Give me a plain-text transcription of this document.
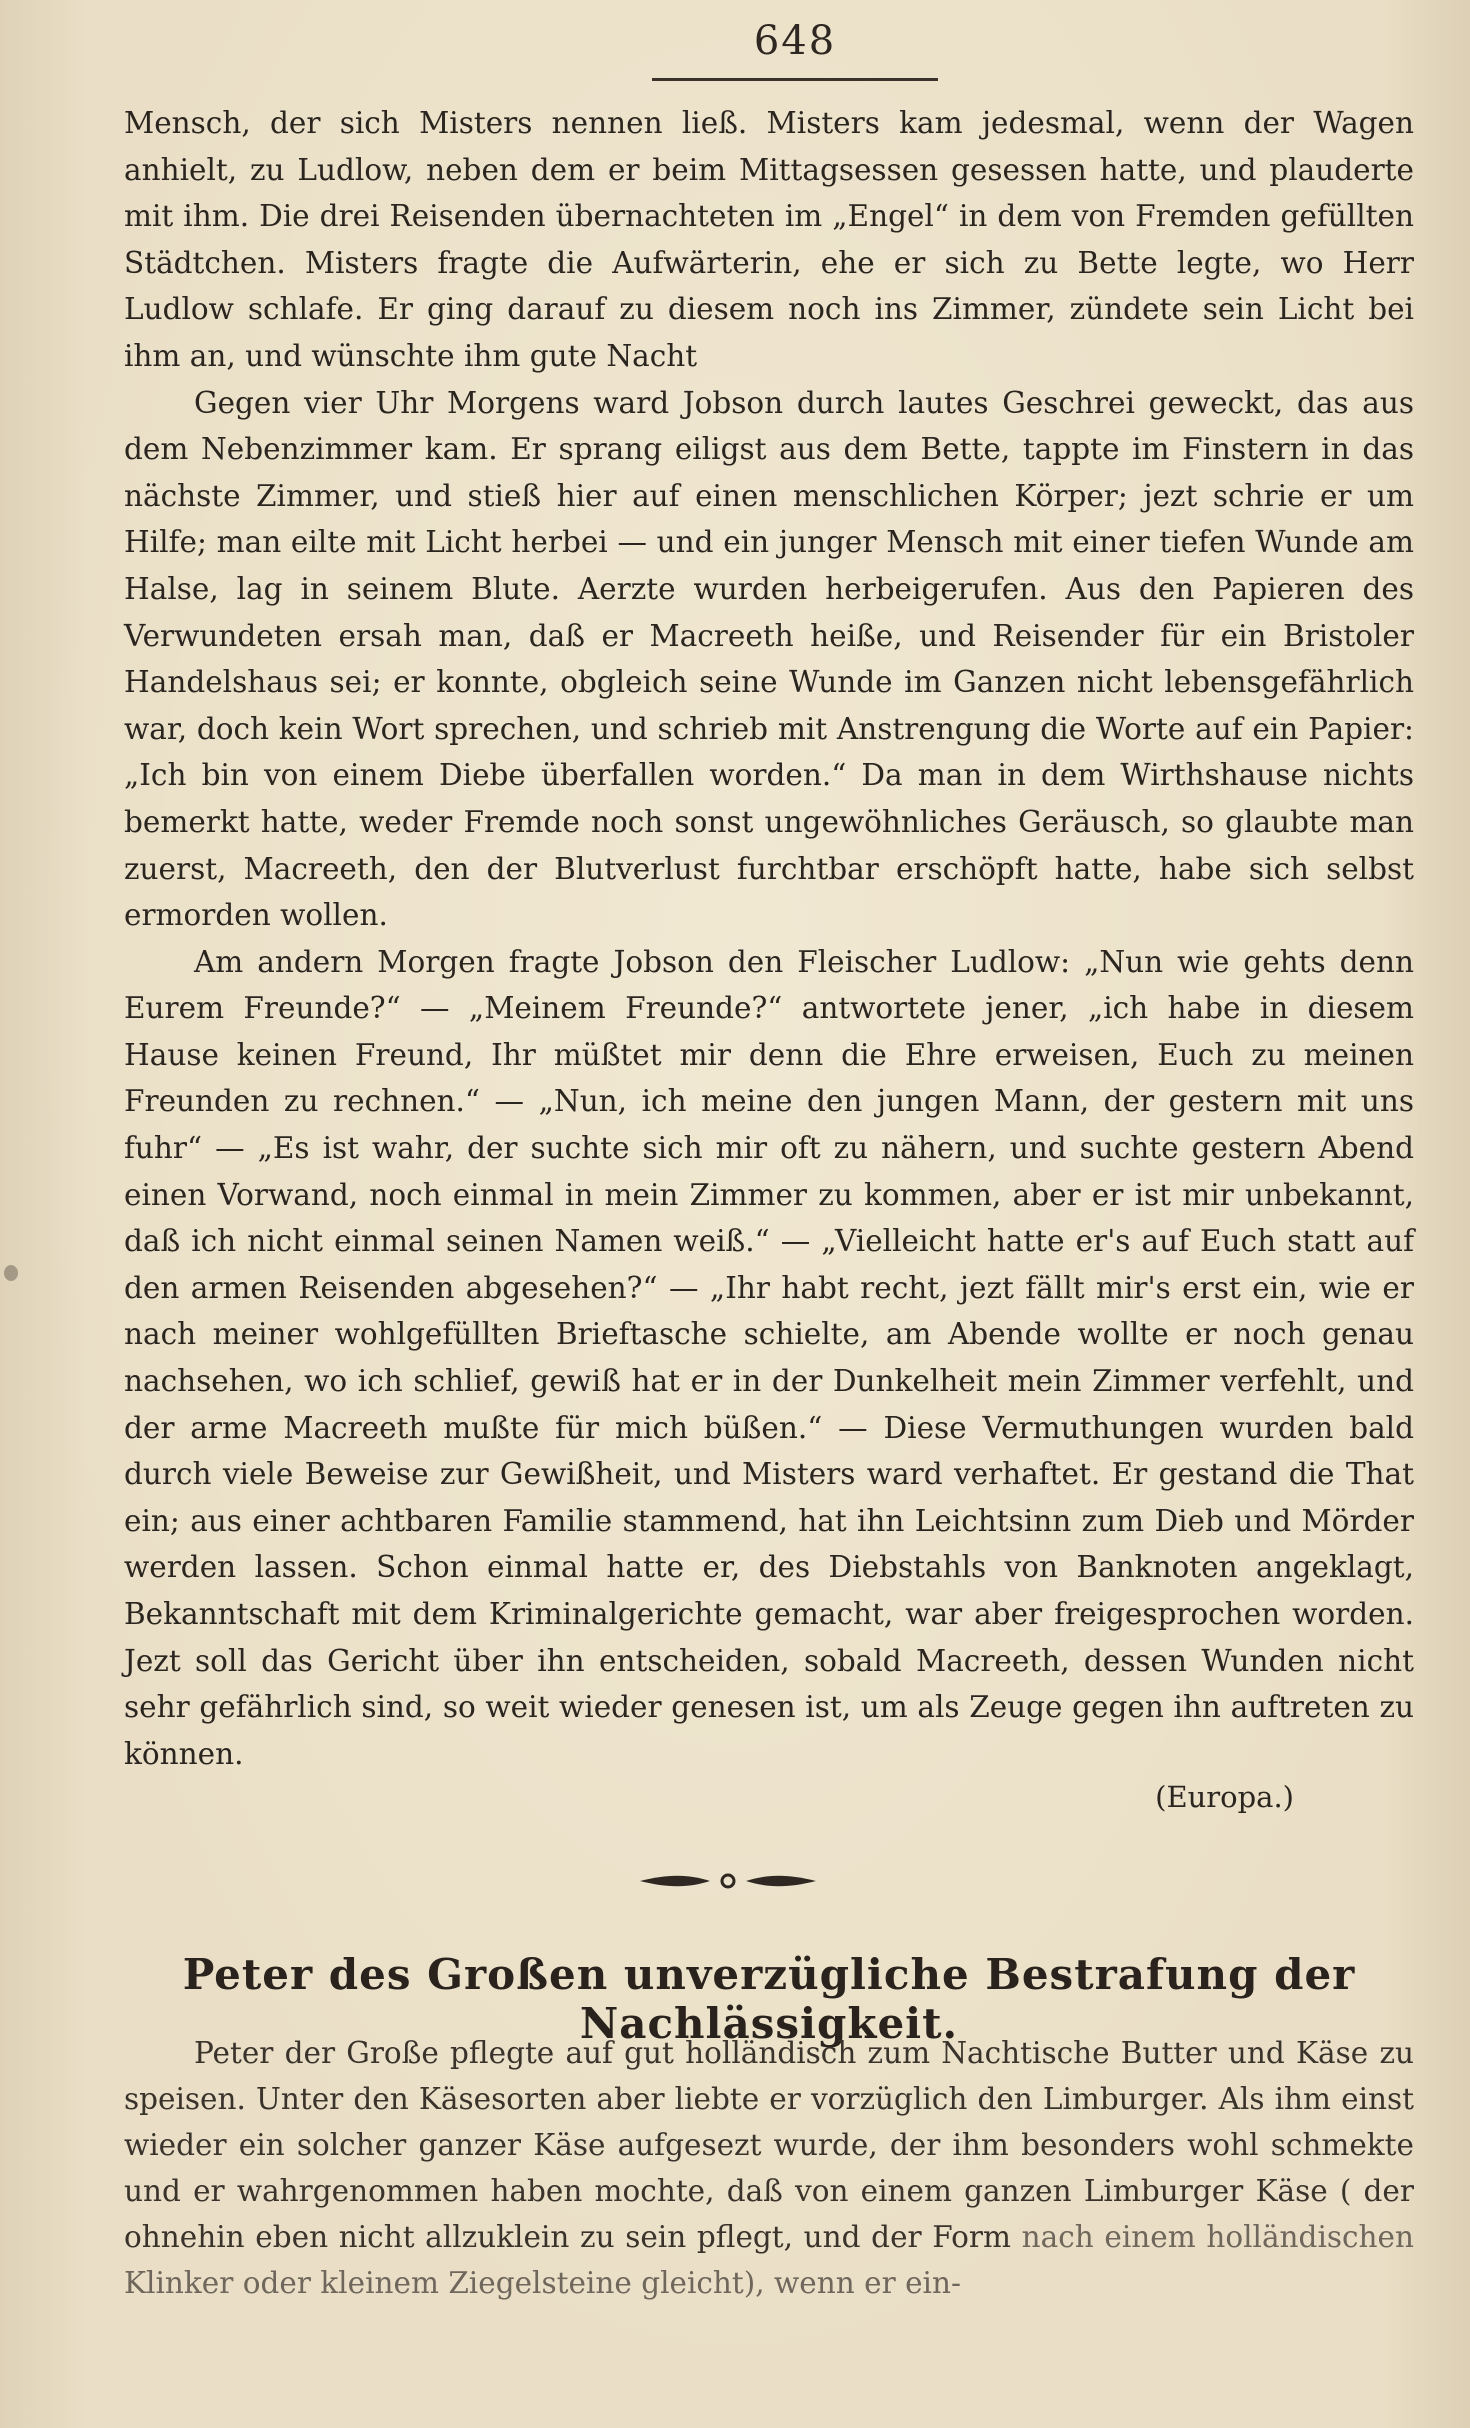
648

Mensch, der sich Misters nennen ließ. Misters kam jedesmal, wenn der Wagen anhielt, zu Ludlow, neben dem er beim Mittagsessen gesessen hatte, und plauderte mit ihm. Die drei Reisenden übernachteten im „Engel“ in dem von Fremden gefüllten Städtchen. Misters fragte die Aufwärterin, ehe er sich zu Bette legte, wo Herr Ludlow schlafe. Er ging darauf zu diesem noch ins Zimmer, zündete sein Licht bei ihm an, und wünschte ihm gute Nacht

Gegen vier Uhr Morgens ward Jobson durch lautes Geschrei geweckt, das aus dem Nebenzimmer kam. Er sprang eiligst aus dem Bette, tappte im Finstern in das nächste Zimmer, und stieß hier auf einen menschlichen Körper; jezt schrie er um Hilfe; man eilte mit Licht herbei — und ein junger Mensch mit einer tiefen Wunde am Halse, lag in seinem Blute. Aerzte wurden herbeigerufen. Aus den Papieren des Verwundeten ersah man, daß er Macreeth heiße, und Reisender für ein Bristoler Handelshaus sei; er konnte, obgleich seine Wunde im Ganzen nicht lebensgefährlich war, doch kein Wort sprechen, und schrieb mit Anstrengung die Worte auf ein Papier: „Ich bin von einem Diebe überfallen worden.“ Da man in dem Wirthshause nichts bemerkt hatte, weder Fremde noch sonst ungewöhnliches Geräusch, so glaubte man zuerst, Macreeth, den der Blutverlust furchtbar erschöpft hatte, habe sich selbst ermorden wollen.

Am andern Morgen fragte Jobson den Fleischer Ludlow: „Nun wie gehts denn Eurem Freunde?“ — „Meinem Freunde?“ antwortete jener, „ich habe in diesem Hause keinen Freund, Ihr müßtet mir denn die Ehre erweisen, Euch zu meinen Freunden zu rechnen.“ — „Nun, ich meine den jungen Mann, der gestern mit uns fuhr“ — „Es ist wahr, der suchte sich mir oft zu nähern, und suchte gestern Abend einen Vorwand, noch einmal in mein Zimmer zu kommen, aber er ist mir unbekannt, daß ich nicht einmal seinen Namen weiß.“ — „Vielleicht hatte er's auf Euch statt auf den armen Reisenden abgesehen?“ — „Ihr habt recht, jezt fällt mir's erst ein, wie er nach meiner wohlgefüllten Brieftasche schielte, am Abende wollte er noch genau nachsehen, wo ich schlief, gewiß hat er in der Dunkelheit mein Zimmer verfehlt, und der arme Macreeth mußte für mich büßen.“ — Diese Vermuthungen wurden bald durch viele Beweise zur Gewißheit, und Misters ward verhaftet. Er gestand die That ein; aus einer achtbaren Familie stammend, hat ihn Leichtsinn zum Dieb und Mörder werden lassen. Schon einmal hatte er, des Diebstahls von Banknoten angeklagt, Bekanntschaft mit dem Kriminalgerichte gemacht, war aber freigesprochen worden. Jezt soll das Gericht über ihn entscheiden, sobald Macreeth, dessen Wunden nicht sehr gefährlich sind, so weit wieder genesen ist, um als Zeuge gegen ihn auftreten zu können.

(Europa.)
Peter des Großen unverzügliche Bestrafung der Nachlässigkeit.

Peter der Große pflegte auf gut holländisch zum Nachtische Butter und Käse zu speisen. Unter den Käsesorten aber liebte er vorzüglich den Limburger. Als ihm einst wieder ein solcher ganzer Käse aufgesezt wurde, der ihm besonders wohl schmekte und er wahrgenommen haben mochte, daß von einem ganzen Limburger Käse ( der ohnehin eben nicht allzuklein zu sein pflegt, und der Form nach einem holländischen Klinker oder kleinem Ziegelsteine gleicht), wenn er ein-
